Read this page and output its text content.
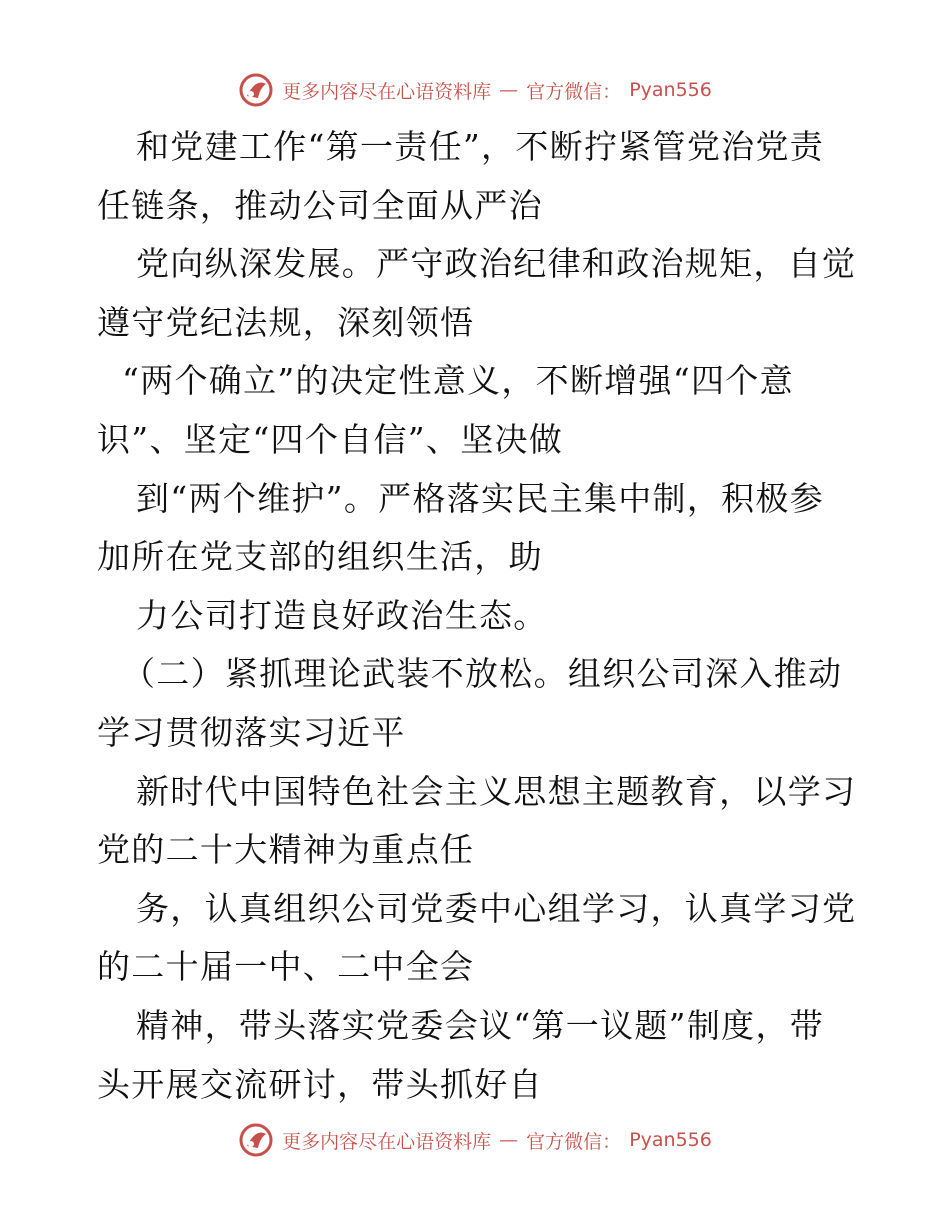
更多内容尽在心语资料库 — 官方微信： Pyan556
和党建工作“第一责任”，不断拧紧管党治党责
任链条，推动公司全面从严治
党向纵深发展。严守政治纪律和政治规矩，自觉
遵守党纪法规，深刻领悟
“两个确立”的决定性意义，不断增强“四个意
识”、坚定“四个自信”、坚决做
到“两个维护”。严格落实民主集中制，积极参
加所在党支部的组织生活，助
力公司打造良好政治生态。
（二）紧抓理论武装不放松。组织公司深入推动
学习贯彻落实习近平
新时代中国特色社会主义思想主题教育，以学习
党的二十大精神为重点任
务，认真组织公司党委中心组学习，认真学习党
的二十届一中、二中全会
精神，带头落实党委会议“第一议题”制度，带
头开展交流研讨，带头抓好自
更多内容尽在心语资料库 — 官方微信： Pyan556
